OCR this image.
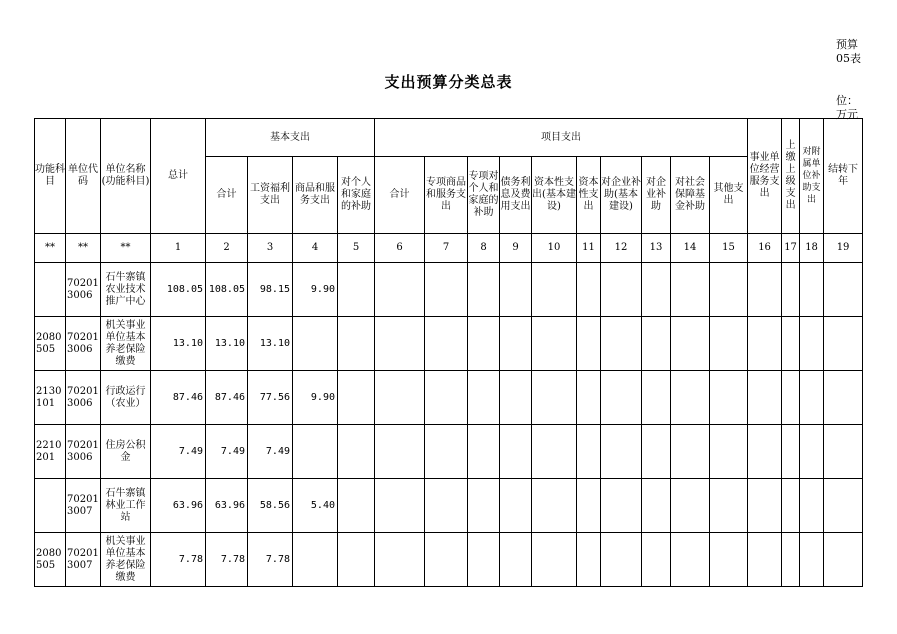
预算
05表
支出预算分类总表
位：
万元
功能科目	单位代码	单位名称(功能科目)	总计	基本支出				项目支出										事业单位经营服务支出	上缴上级支出	对附属单位补助支出	结转下年
				合计	工资福利支出	商品和服务支出	对个人和家庭的补助	合计	专项商品和服务支出	专项对个人和家庭的补助	债务利息及费用支出	资本性支出(基本建设)	资本性支出	对企业补助(基本建设)	对企业补助	对社会保障基金补助	其他支出				
**	**	**	1	2	3	4	5	6	7	8	9	10	11	12	13	14	15	16	17	18	19
	702013006	石牛寨镇农业技术推广中心	108.05	108.05	98.15	9.90															
2080505	702013006	机关事业单位基本养老保险缴费	13.10	13.10	13.10																
2130101	702013006	行政运行（农业）	87.46	87.46	77.56	9.90															
2210201	702013006	住房公积金	7.49	7.49	7.49																
	702013007	石牛寨镇林业工作站	63.96	63.96	58.56	5.40															
2080505	702013007	机关事业单位基本养老保险缴费	7.78	7.78	7.78																
